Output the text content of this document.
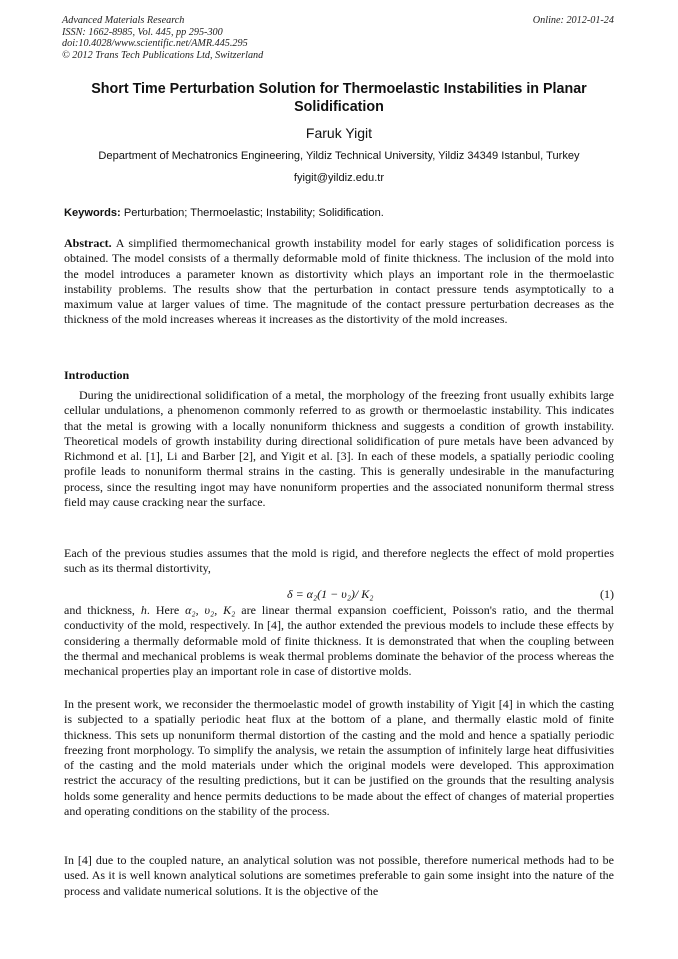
Advanced Materials Research
ISSN: 1662-8985, Vol. 445, pp 295-300
doi:10.4028/www.scientific.net/AMR.445.295
© 2012 Trans Tech Publications Ltd, Switzerland
Online: 2012-01-24
Short Time Perturbation Solution for Thermoelastic Instabilities in Planar Solidification
Faruk Yigit
Department of Mechatronics Engineering, Yildiz Technical University, Yildiz 34349 Istanbul, Turkey
fyigit@yildiz.edu.tr
Keywords: Perturbation; Thermoelastic; Instability; Solidification.

Abstract. A simplified thermomechanical growth instability model for early stages of solidification porcess is obtained. The model consists of a thermally deformable mold of finite thickness. The inclusion of the mold into the model introduces a parameter known as distortivity which plays an important role in the thermoelastic instability problems. The results show that the perturbation in contact pressure tends asymptotically to a maximum value at larger values of time. The magnitude of the contact pressure perturbation decreases as the thickness of the mold increases whereas it increases as the distortivity of the mold increases.

Introduction

During the unidirectional solidification of a metal, the morphology of the freezing front usually exhibits large cellular undulations, a phenomenon commonly referred to as growth or thermoelastic instability. This indicates that the metal is growing with a locally nonuniform thickness and suggests a condition of growth instability. Theoretical models of growth instability during directional solidification of pure metals have been advanced by Richmond et al. [1], Li and Barber [2], and Yigit et al. [3]. In each of these models, a spatially periodic cooling profile leads to nonuniform thermal strains in the casting. This is generally undesirable in the manufacturing process, since the resulting ingot may have nonuniform properties and the associated nonuniform thermal stress field may cause cracking near the surface.

Each of the previous studies assumes that the mold is rigid, and therefore neglects the effect of mold properties such as its thermal distortivity,

δ = α₂(1 − υ₂)/ K₂	(1)

and thickness, h. Here α₂, υ₂, K₂ are linear thermal expansion coefficient, Poisson's ratio, and the thermal conductivity of the mold, respectively. In [4], the author extended the previous models to include these effects by considering a thermally deformable mold of finite thickness. It is demonstrated that when the coupling between the thermal and mechanical problems is weak thermal problems dominate the behavior of the process whereas the mechanical properties play an important role in case of distortive molds.

In the present work, we reconsider the thermoelastic model of growth instability of Yigit [4] in which the casting is subjected to a spatially periodic heat flux at the bottom of a plane, and thermally elastic mold of finite thickness. This sets up nonuniform thermal distortion of the casting and the mold and hence a spatially periodic freezing front morphology. To simplify the analysis, we retain the assumption of infinitely large heat diffusivities of the casting and the mold materials under which the original models were developed. This approximation restrict the accuracy of the resulting predictions, but it can be justified on the grounds that the resulting analysis holds some generality and hence permits deductions to be made about the effect of changes of material properties and operating conditions on the stability of the process.

In [4] due to the coupled nature, an analytical solution was not possible, therefore numerical methods had to be used. As it is well known analytical solutions are sometimes preferable to gain some insight into the nature of the process and validate numerical solutions. It is the objective of the
